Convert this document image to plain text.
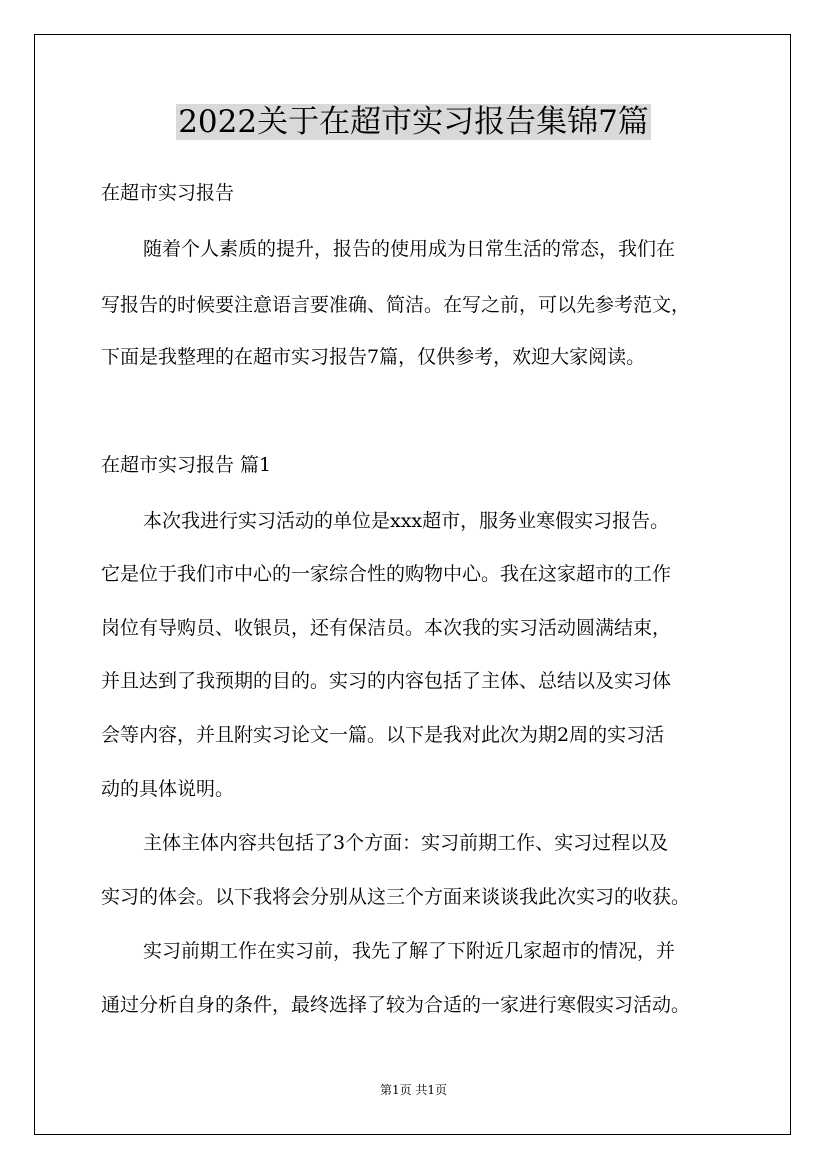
2022关于在超市实习报告集锦7篇
在超市实习报告
随着个人素质的提升，报告的使用成为日常生活的常态，我们在
写报告的时候要注意语言要准确、简洁。在写之前，可以先参考范文，
下面是我整理的在超市实习报告7篇，仅供参考，欢迎大家阅读。
在超市实习报告 篇1
本次我进行实习活动的单位是xxx超市，服务业寒假实习报告。
它是位于我们市中心的一家综合性的购物中心。我在这家超市的工作
岗位有导购员、收银员，还有保洁员。本次我的实习活动圆满结束，
并且达到了我预期的目的。实习的内容包括了主体、总结以及实习体
会等内容，并且附实习论文一篇。以下是我对此次为期2周的实习活
动的具体说明。
主体主体内容共包括了3个方面：实习前期工作、实习过程以及
实习的体会。以下我将会分别从这三个方面来谈谈我此次实习的收获。
实习前期工作在实习前，我先了解了下附近几家超市的情况，并
通过分析自身的条件，最终选择了较为合适的一家进行寒假实习活动。
第1页 共1页
